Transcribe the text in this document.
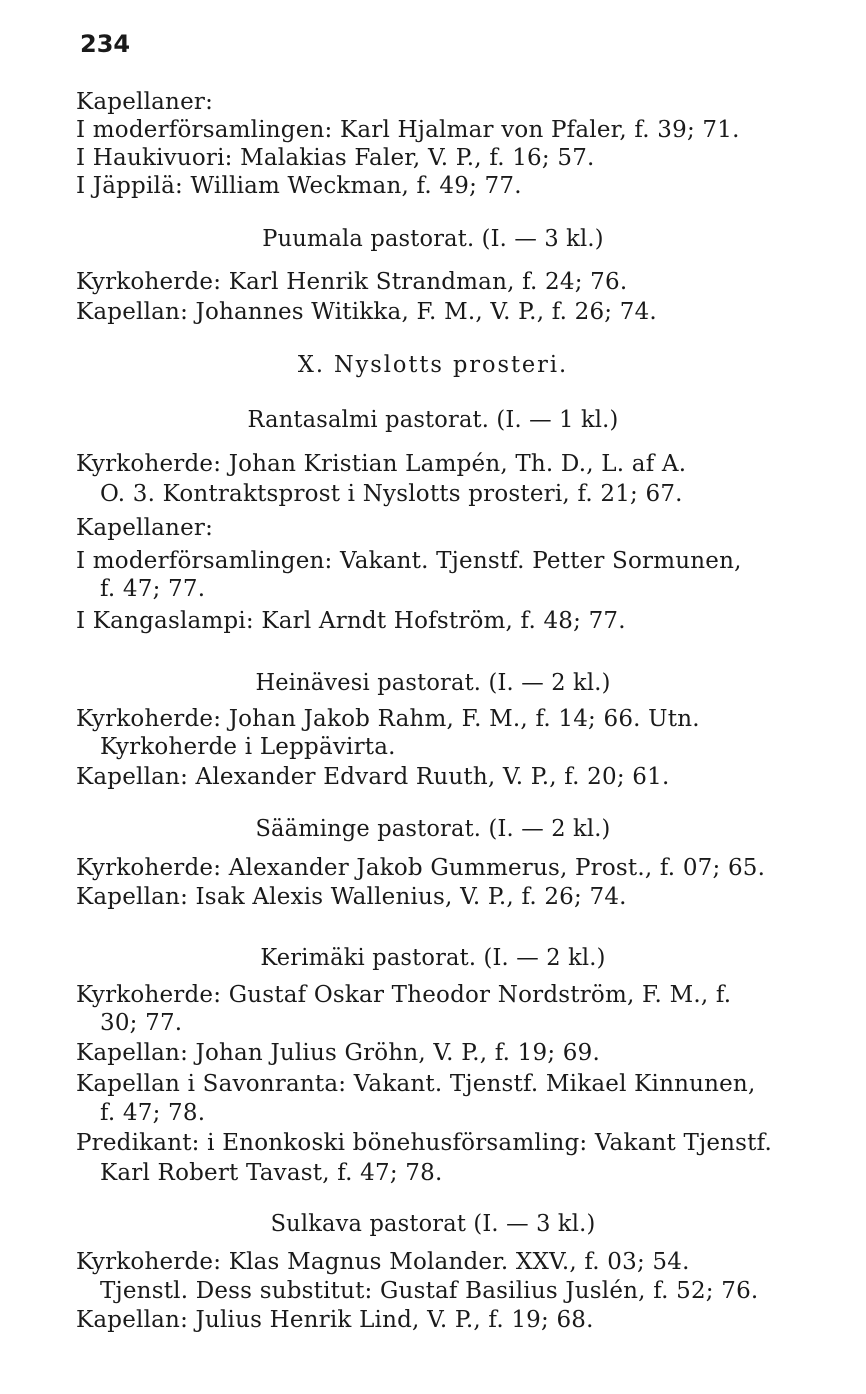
234
Kapellaner:
I moderförsamlingen: Karl Hjalmar von Pfaler, f. 39; 71.
I Haukivuori: Malakias Faler, V. P., f. 16; 57.
I Jäppilä: William Weckman, f. 49; 77.
Puumala pastorat. (I. — 3 kl.)
Kyrkoherde: Karl Henrik Strandman, f. 24; 76.
Kapellan: Johannes Witikka, F. M., V. P., f. 26; 74.
X. Nyslotts prosteri.
Rantasalmi pastorat. (I. — 1 kl.)
Kyrkoherde: Johan Kristian Lampén, Th. D., L. af A.
O. 3. Kontraktsprost i Nyslotts prosteri, f. 21; 67.
Kapellaner:
I moderförsamlingen: Vakant. Tjenstf. Petter Sormunen,
f. 47; 77.
I Kangaslampi: Karl Arndt Hofström, f. 48; 77.
Heinävesi pastorat. (I. — 2 kl.)
Kyrkoherde: Johan Jakob Rahm, F. M., f. 14; 66. Utn.
Kyrkoherde i Leppävirta.
Kapellan: Alexander Edvard Ruuth, V. P., f. 20; 61.
Sääminge pastorat. (I. — 2 kl.)
Kyrkoherde: Alexander Jakob Gummerus, Prost., f. 07; 65.
Kapellan: Isak Alexis Wallenius, V. P., f. 26; 74.
Kerimäki pastorat. (I. — 2 kl.)
Kyrkoherde: Gustaf Oskar Theodor Nordström, F. M., f.
30; 77.
Kapellan: Johan Julius Gröhn, V. P., f. 19; 69.
Kapellan i Savonranta: Vakant. Tjenstf. Mikael Kinnunen,
f. 47; 78.
Predikant: i Enonkoski bönehusförsamling: Vakant Tjenstf.
Karl Robert Tavast, f. 47; 78.
Sulkava pastorat (I. — 3 kl.)
Kyrkoherde: Klas Magnus Molander. XXV., f. 03; 54.
Tjenstl. Dess substitut: Gustaf Basilius Juslén, f. 52; 76.
Kapellan: Julius Henrik Lind, V. P., f. 19; 68.
